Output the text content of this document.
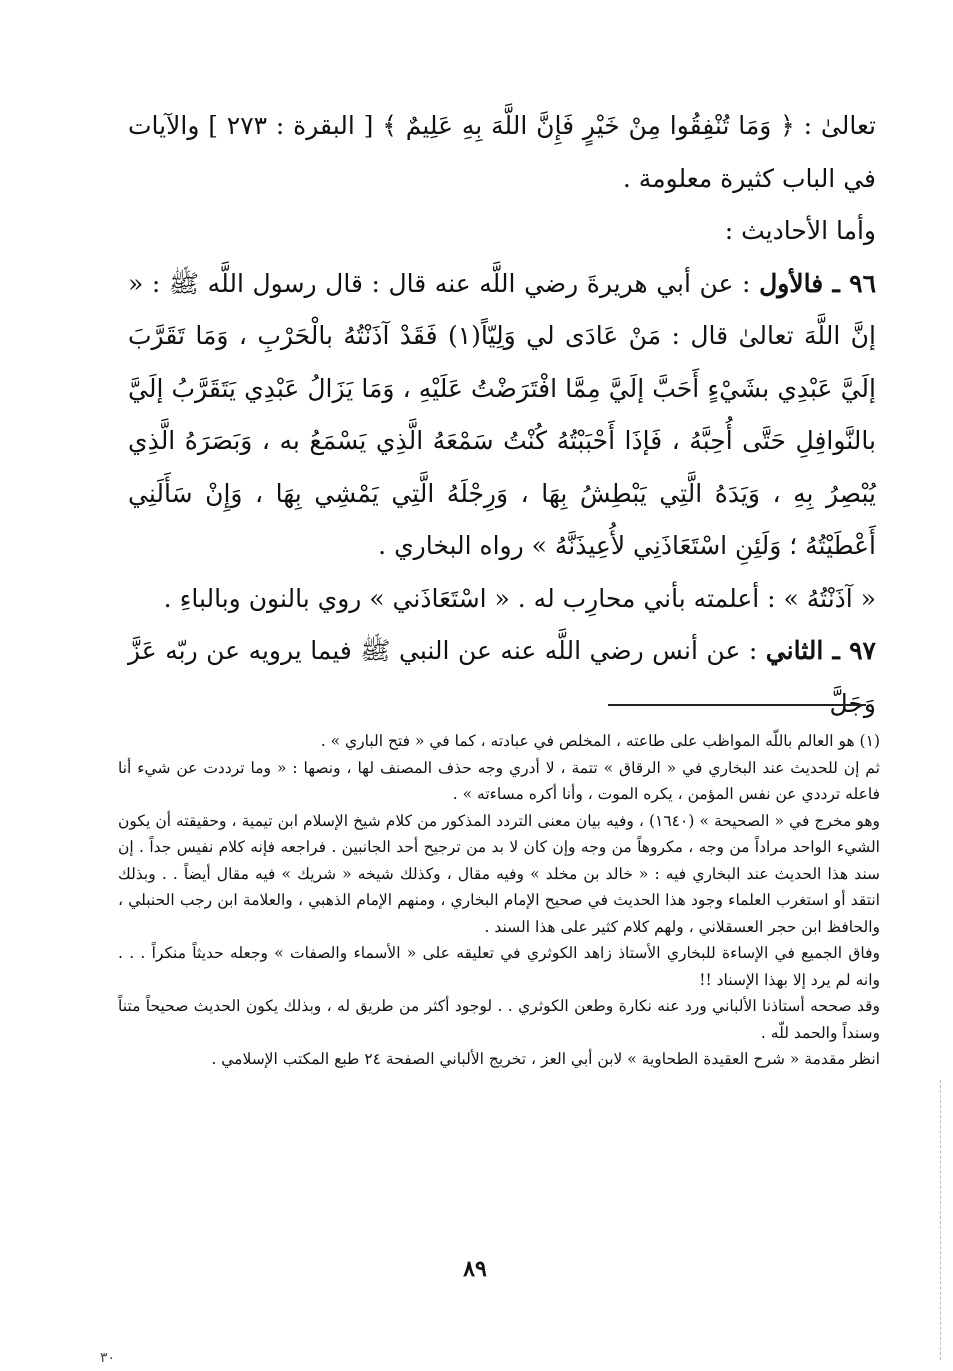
تعالىٰ : ﴿ وَمَا تُنْفِقُوا مِنْ خَيْرٍ فَإِنَّ اللَّهَ بِهِ عَلِيمٌ ﴾ [ البقرة : ٢٧٣ ] والآيات في الباب كثيرة معلومة .

وأما الأحاديث :

٩٦ ـ فالأول : عن أبي هريرةَ رضي اللَّه عنه قال : قال رسول اللَّه ﷺ : « إنَّ اللَّهَ تعالىٰ قال : مَنْ عَادَى لي وَلِيّاً(١) فَقَدْ آذَنْتُهُ بالْحَرْبِ ، وَمَا تَقَرَّبَ إلَيَّ عَبْدِي بشَيْءٍ أَحَبَّ إلَيَّ مِمَّا افْتَرَضْتُ عَلَيْهِ ، وَمَا يَزَالُ عَبْدِي يَتَقَرَّبُ إلَيَّ بالنَّوافِلِ حَتَّى أُحِبَّهُ ، فَإذَا أَحْبَبْتُهُ كُنْتُ سَمْعَهُ الَّذِي يَسْمَعُ به ، وَبَصَرَهُ الَّذِي يُبْصِرُ بِهِ ، وَيَدَهُ الَّتِي يَبْطِشُ بِهَا ، وَرِجْلَهُ الَّتِي يَمْشِي بِهَا ، وَإِنْ سَأَلَنِي أَعْطَيْتُهُ ؛ وَلَئِنِ اسْتَعَاذَنِي لأُعِيذَنَّهُ » رواه البخاري .

« آذَنْتُهُ » : أعلمته بأني محارِب له . « اسْتَعَاذَني » روي بالنون وبالباءِ .

٩٧ ـ الثاني : عن أنس رضي اللَّه عنه عن النبي ﷺ فيما يرويه عن ربّه عَزَّ وَجَلَّ

(١) هو العالم باللّه المواظب على طاعته ، المخلص في عبادته ، كما في « فتح الباري » .

ثم إن للحديث عند البخاري في « الرقاق » تتمة ، لا أدري وجه حذف المصنف لها ، ونصها : « وما ترددت عن شيء أنا فاعله ترددي عن نفس المؤمن ، يكره الموت ، وأنا أكره مساءته » .

وهو مخرج في « الصحيحة » (١٦٤٠) ، وفيه بيان معنى التردد المذكور من كلام شيخ الإسلام ابن تيمية ، وحقيقته أن يكون الشيء الواحد مراداً من وجه ، مكروهاً من وجه وإن كان لا بد من ترجيح أحد الجانبين . فراجعه فإنه كلام نفيس جداً . إن سند هذا الحديث عند البخاري فيه : « خالد بن مخلد » وفيه مقال ، وكذلك شيخه « شريك » فيه مقال أيضاً . . وبذلك انتقد أو استغرب العلماء وجود هذا الحديث في صحيح الإمام البخاري ، ومنهم الإمام الذهبي ، والعلامة ابن رجب الحنبلي ، والحافظ ابن حجر العسقلاني ، ولهم كلام كثير على هذا السند .

وفاق الجميع في الإساءة للبخاري الأستاذ زاهد الكوثري في تعليقه على « الأسماء والصفات » وجعله حديثاً منكراً . . . وانه لم يرد إلا بهذا الإسناد !!

وقد صححه أستاذنا الألباني ورد عنه نكارة وطعن الكوثري . . لوجود أكثر من طريق له ، وبذلك يكون الحديث صحيحاً متناً وسنداً والحمد للّه .

انظر مقدمة « شرح العقيدة الطحاوية » لابن أبي العز ، تخريج الألباني الصفحة ٢٤ طبع المكتب الإسلامي .

٨٩
٣٠
